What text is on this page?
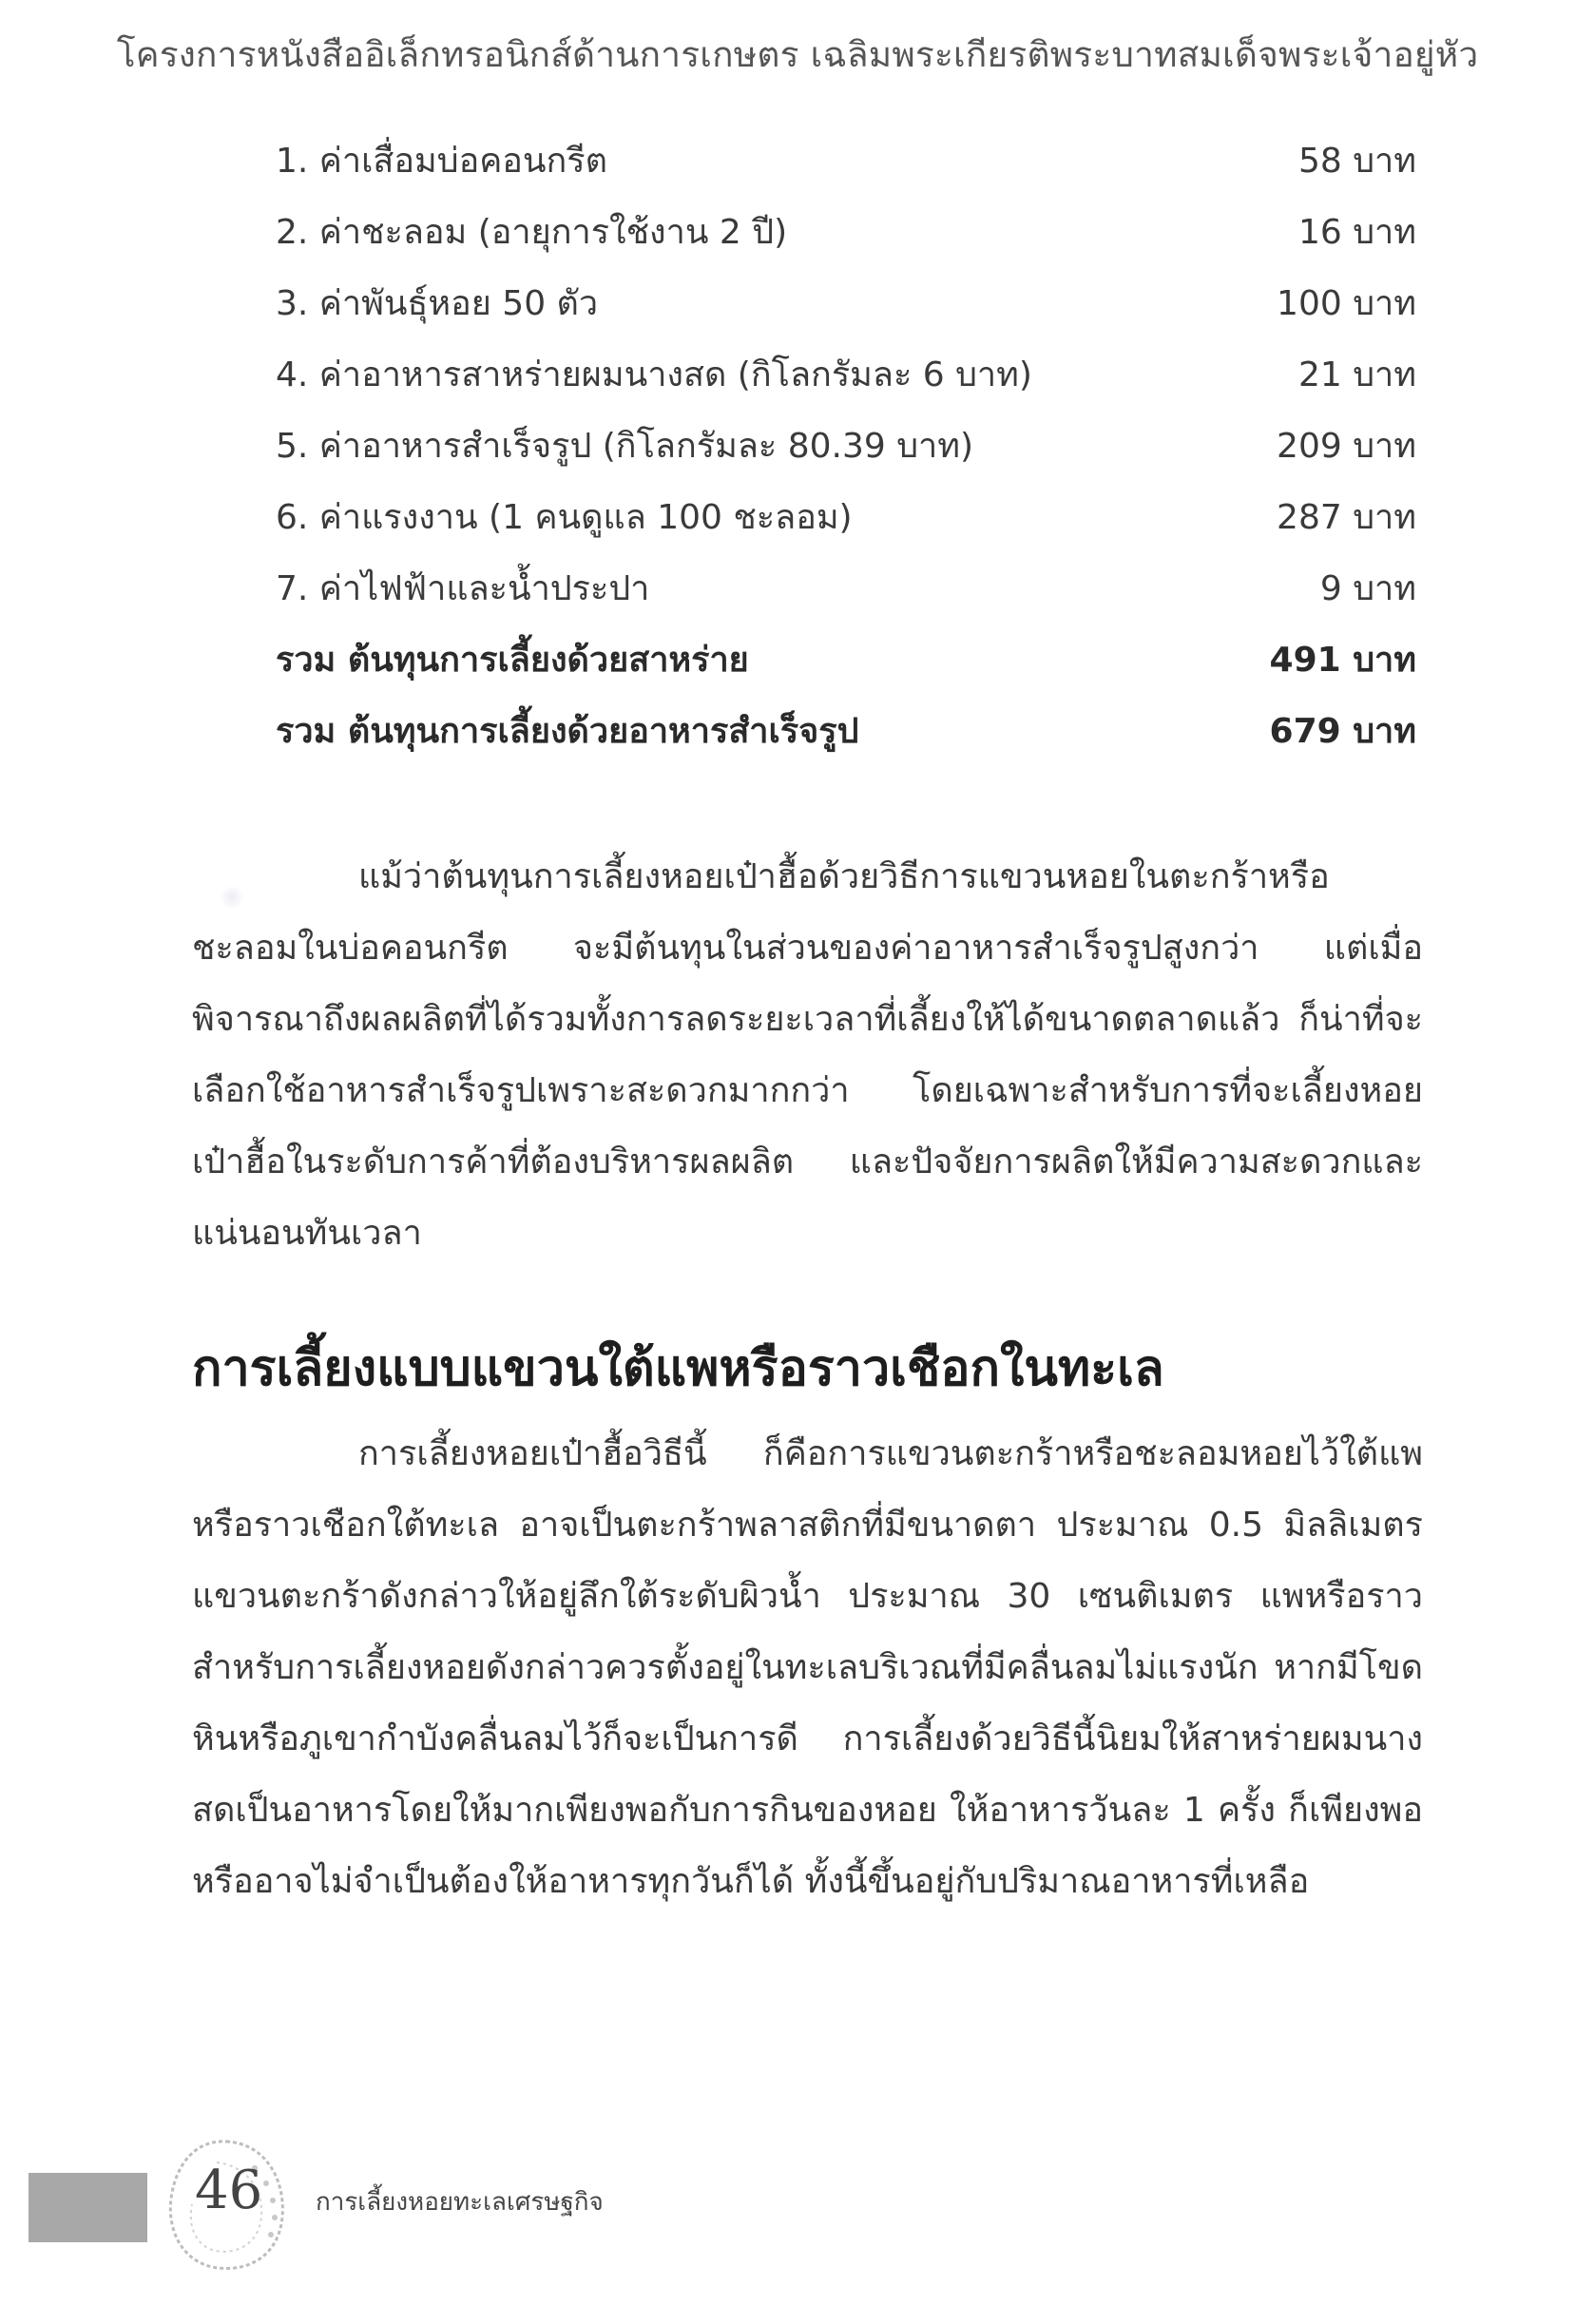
โครงการหนังสืออิเล็กทรอนิกส์ด้านการเกษตร เฉลิมพระเกียรติพระบาทสมเด็จพระเจ้าอยู่หัว
1. ค่าเสื่อมบ่อคอนกรีต	58 บาท
2. ค่าชะลอม (อายุการใช้งาน 2 ปี)	16 บาท
3. ค่าพันธุ์หอย 50 ตัว	100 บาท
4. ค่าอาหารสาหร่ายผมนางสด (กิโลกรัมละ 6 บาท)	21 บาท
5. ค่าอาหารสำเร็จรูป (กิโลกรัมละ 80.39 บาท)	209 บาท
6. ค่าแรงงาน (1 คนดูแล 100 ชะลอม)	287 บาท
7. ค่าไฟฟ้าและน้ำประปา	9 บาท
รวม ต้นทุนการเลี้ยงด้วยสาหร่าย	491 บาท
รวม ต้นทุนการเลี้ยงด้วยอาหารสำเร็จรูป	679 บาท

แม้ว่าต้นทุนการเลี้ยงหอยเป๋าฮื้อด้วยวิธีการแขวนหอยในตะกร้าหรือชะลอมในบ่อคอนกรีต จะมีต้นทุนในส่วนของค่าอาหารสำเร็จรูปสูงกว่า แต่เมื่อพิจารณาถึงผลผลิตที่ได้รวมทั้งการลดระยะเวลาที่เลี้ยงให้ได้ขนาดตลาดแล้ว ก็น่าที่จะเลือกใช้อาหารสำเร็จรูปเพราะสะดวกมากกว่า โดยเฉพาะสำหรับการที่จะเลี้ยงหอยเป๋าฮื้อในระดับการค้าที่ต้องบริหารผลผลิต และปัจจัยการผลิตให้มีความสะดวกและแน่นอนทันเวลา

การเลี้ยงแบบแขวนใต้แพหรือราวเชือกในทะเล

การเลี้ยงหอยเป๋าฮื้อวิธีนี้ ก็คือการแขวนตะกร้าหรือชะลอมหอยไว้ใต้แพหรือราวเชือกใต้ทะเล อาจเป็นตะกร้าพลาสติกที่มีขนาดตา ประมาณ 0.5 มิลลิเมตร แขวนตะกร้าดังกล่าวให้อยู่ลึกใต้ระดับผิวน้ำ ประมาณ 30 เซนติเมตร แพหรือราวสำหรับการเลี้ยงหอยดังกล่าวควรตั้งอยู่ในทะเลบริเวณที่มีคลื่นลมไม่แรงนัก หากมีโขดหินหรือภูเขากำบังคลื่นลมไว้ก็จะเป็นการดี การเลี้ยงด้วยวิธีนี้นิยมให้สาหร่ายผมนางสดเป็นอาหารโดยให้มากเพียงพอกับการกินของหอย ให้อาหารวันละ 1 ครั้ง ก็เพียงพอหรืออาจไม่จำเป็นต้องให้อาหารทุกวันก็ได้ ทั้งนี้ขึ้นอยู่กับปริมาณอาหารที่เหลือ

46 การเลี้ยงหอยทะเลเศรษฐกิจ
